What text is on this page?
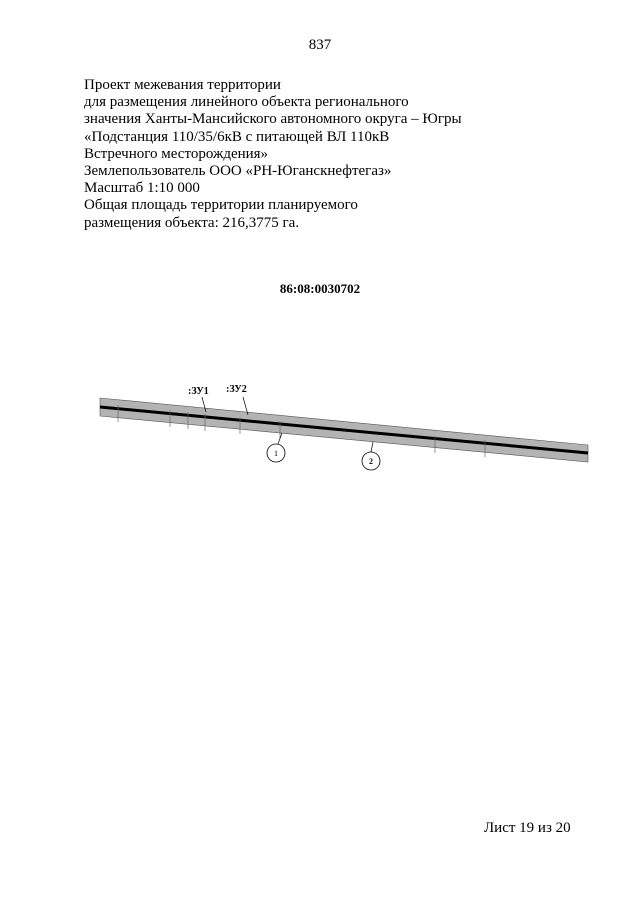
837
Проект межевания территории
для размещения линейного объекта регионального
значения Ханты-Мансийского автономного округа – Югры
«Подстанция 110/35/6кВ с питающей ВЛ 110кВ
Встречного месторождения»
Землепользователь ООО «РН-Юганскнефтегаз»
Масштаб 1:10 000
Общая площадь территории планируемого
размещения объекта: 216,3775 га.
86:08:0030702
:ЗУ1 :ЗУ2
1
2
Лист 19 из 20
